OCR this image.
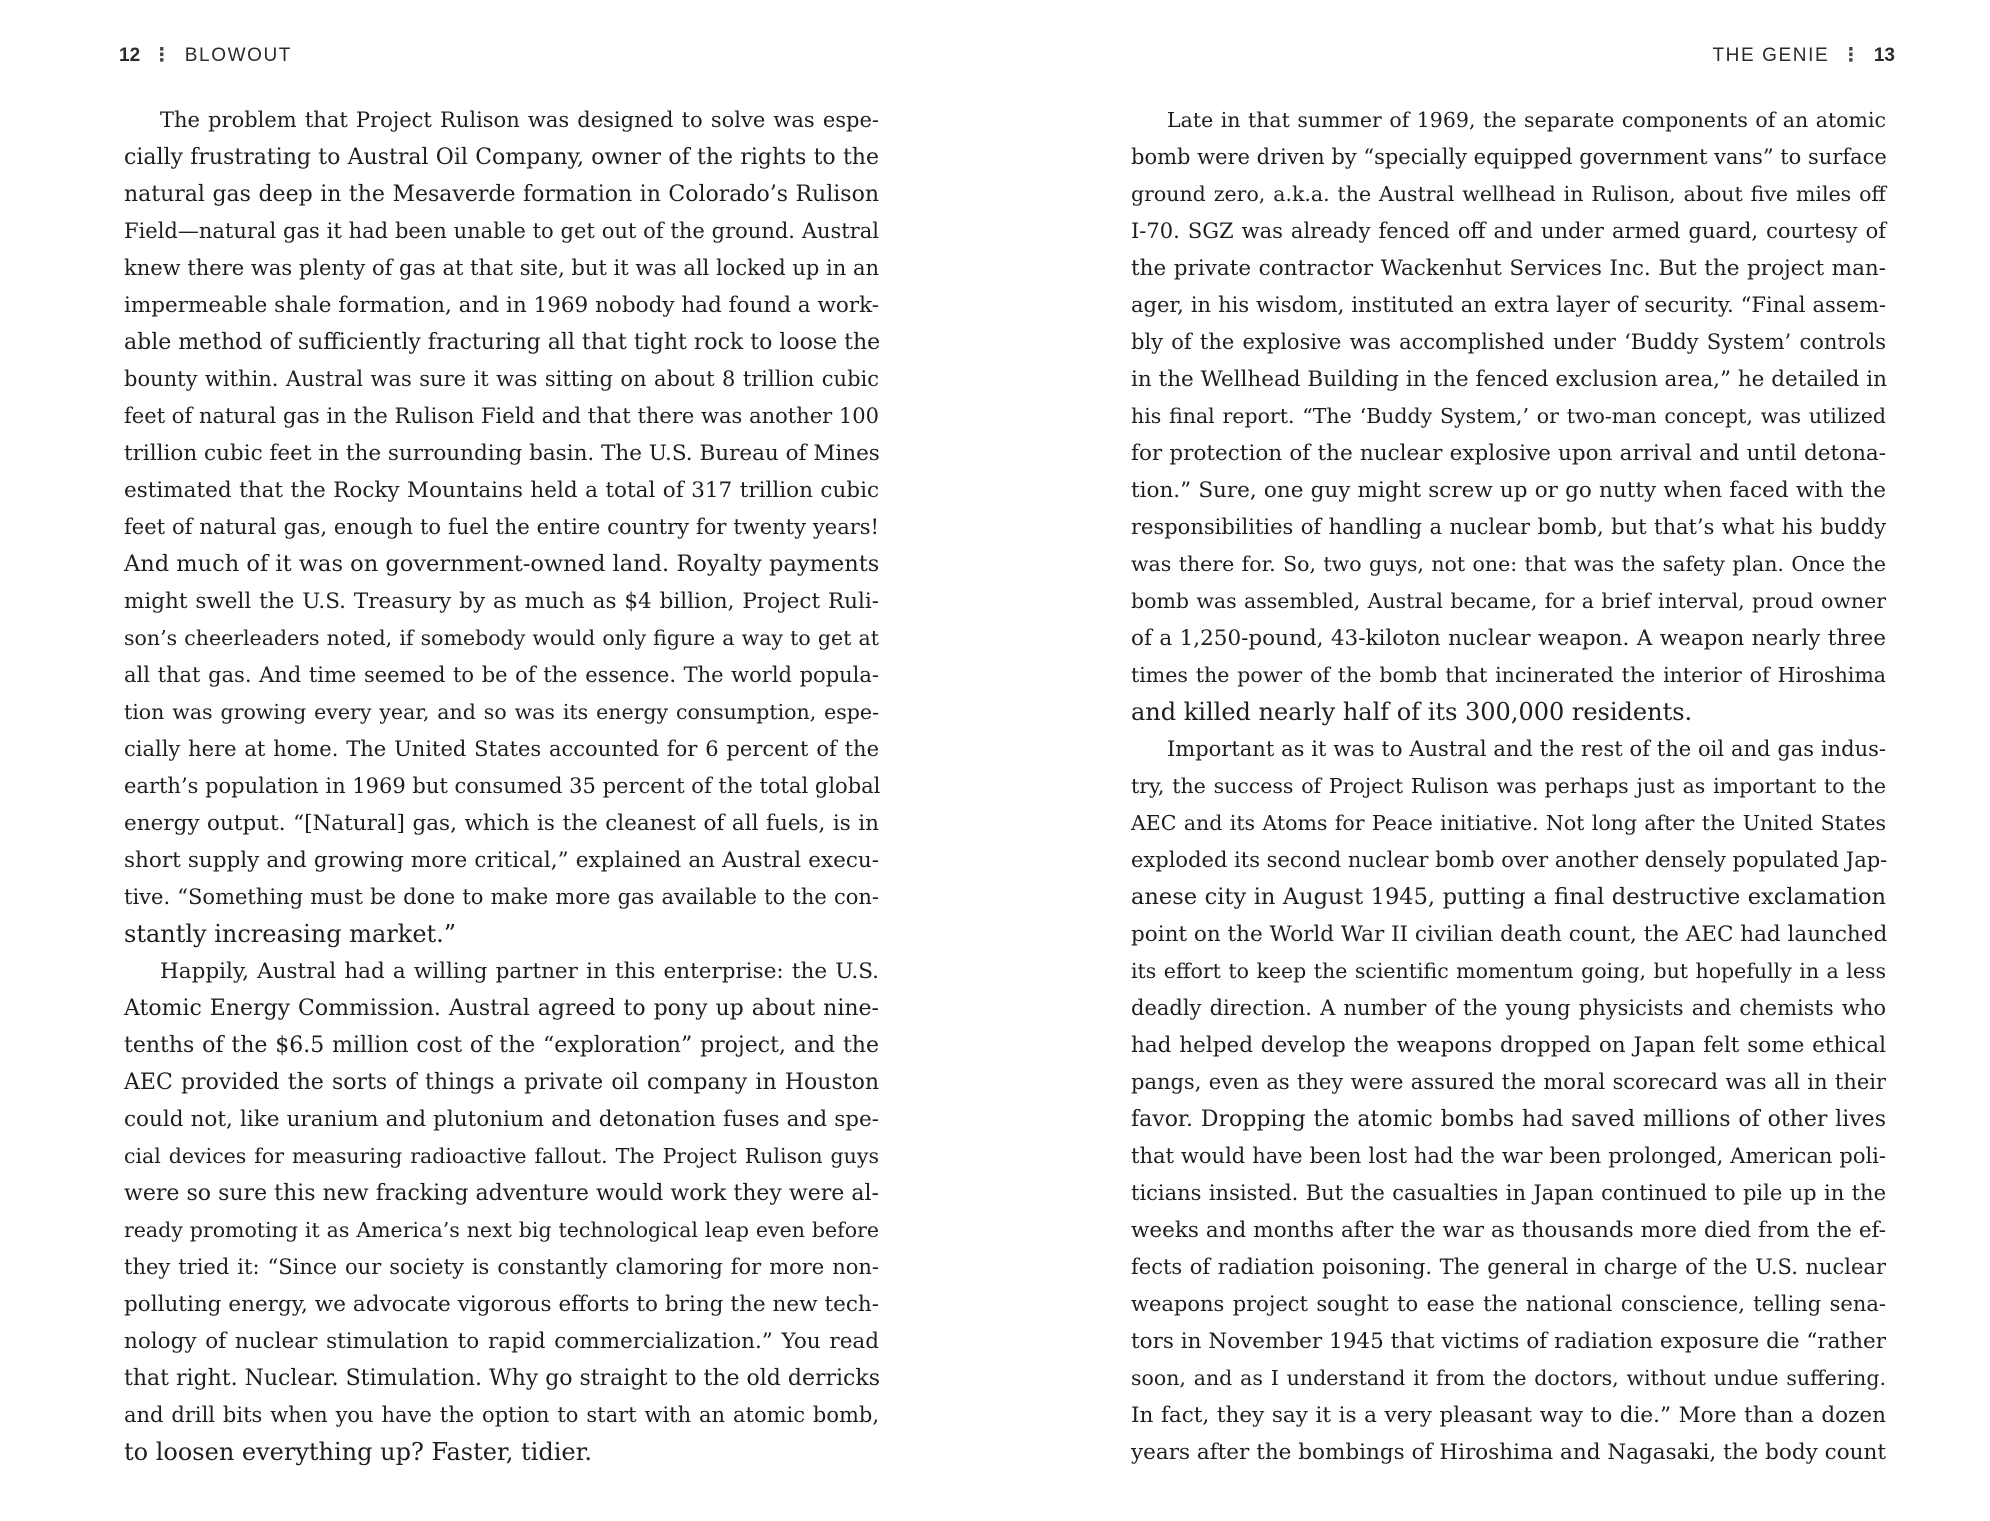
12 ⋮ BLOWOUT
The problem that Project Rulison was designed to solve was espe-
cially frustrating to Austral Oil Company, owner of the rights to the
natural gas deep in the Mesaverde formation in Colorado’s Rulison
Field—natural gas it had been unable to get out of the ground. Austral
knew there was plenty of gas at that site, but it was all locked up in an
impermeable shale formation, and in 1969 nobody had found a work-
able method of sufficiently fracturing all that tight rock to loose the
bounty within. Austral was sure it was sitting on about 8 trillion cubic
feet of natural gas in the Rulison Field and that there was another 100
trillion cubic feet in the surrounding basin. The U.S. Bureau of Mines
estimated that the Rocky Mountains held a total of 317 trillion cubic
feet of natural gas, enough to fuel the entire country for twenty years!
And much of it was on government-owned land. Royalty payments
might swell the U.S. Treasury by as much as $4 billion, Project Ruli-
son’s cheerleaders noted, if somebody would only figure a way to get at
all that gas. And time seemed to be of the essence. The world popula-
tion was growing every year, and so was its energy consumption, espe-
cially here at home. The United States accounted for 6 percent of the
earth’s population in 1969 but consumed 35 percent of the total global
energy output. “[Natural] gas, which is the cleanest of all fuels, is in
short supply and growing more critical,” explained an Austral execu-
tive. “Something must be done to make more gas available to the con-
stantly increasing market.”
Happily, Austral had a willing partner in this enterprise: the U.S.
Atomic Energy Commission. Austral agreed to pony up about nine-
tenths of the $6.5 million cost of the “exploration” project, and the
AEC provided the sorts of things a private oil company in Houston
could not, like uranium and plutonium and detonation fuses and spe-
cial devices for measuring radioactive fallout. The Project Rulison guys
were so sure this new fracking adventure would work they were al-
ready promoting it as America’s next big technological leap even before
they tried it: “Since our society is constantly clamoring for more non-
polluting energy, we advocate vigorous efforts to bring the new tech-
nology of nuclear stimulation to rapid commercialization.” You read
that right. Nuclear. Stimulation. Why go straight to the old derricks
and drill bits when you have the option to start with an atomic bomb,
to loosen everything up? Faster, tidier.
THE GENIE ⋮ 13
Late in that summer of 1969, the separate components of an atomic
bomb were driven by “specially equipped government vans” to surface
ground zero, a.k.a. the Austral wellhead in Rulison, about five miles off
I-70. SGZ was already fenced off and under armed guard, courtesy of
the private contractor Wackenhut Services Inc. But the project man-
ager, in his wisdom, instituted an extra layer of security. “Final assem-
bly of the explosive was accomplished under ‘Buddy System’ controls
in the Wellhead Building in the fenced exclusion area,” he detailed in
his final report. “The ‘Buddy System,’ or two-man concept, was utilized
for protection of the nuclear explosive upon arrival and until detona-
tion.” Sure, one guy might screw up or go nutty when faced with the
responsibilities of handling a nuclear bomb, but that’s what his buddy
was there for. So, two guys, not one: that was the safety plan. Once the
bomb was assembled, Austral became, for a brief interval, proud owner
of a 1,250-pound, 43-kiloton nuclear weapon. A weapon nearly three
times the power of the bomb that incinerated the interior of Hiroshima
and killed nearly half of its 300,000 residents.
Important as it was to Austral and the rest of the oil and gas indus-
try, the success of Project Rulison was perhaps just as important to the
AEC and its Atoms for Peace initiative. Not long after the United States
exploded its second nuclear bomb over another densely populated Jap-
anese city in August 1945, putting a final destructive exclamation
point on the World War II civilian death count, the AEC had launched
its effort to keep the scientific momentum going, but hopefully in a less
deadly direction. A number of the young physicists and chemists who
had helped develop the weapons dropped on Japan felt some ethical
pangs, even as they were assured the moral scorecard was all in their
favor. Dropping the atomic bombs had saved millions of other lives
that would have been lost had the war been prolonged, American poli-
ticians insisted. But the casualties in Japan continued to pile up in the
weeks and months after the war as thousands more died from the ef-
fects of radiation poisoning. The general in charge of the U.S. nuclear
weapons project sought to ease the national conscience, telling sena-
tors in November 1945 that victims of radiation exposure die “rather
soon, and as I understand it from the doctors, without undue suffering.
In fact, they say it is a very pleasant way to die.” More than a dozen
years after the bombings of Hiroshima and Nagasaki, the body count
